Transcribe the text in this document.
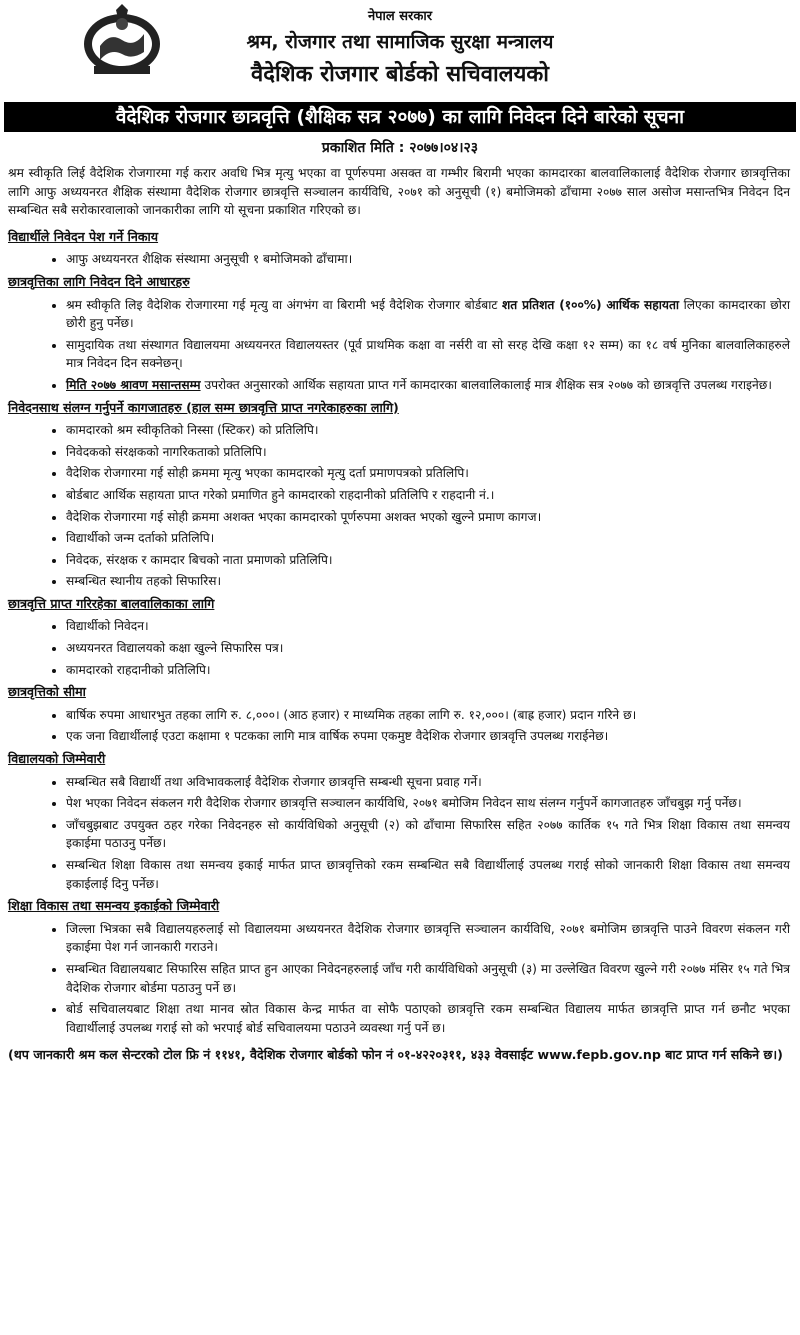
नेपाल सरकार
श्रम, रोजगार तथा सामाजिक सुरक्षा मन्त्रालय
वैदेशिक रोजगार बोर्डको सचिवालयको
वैदेशिक रोजगार छात्रवृत्ति (शैक्षिक सत्र २०७७) का लागि निवेदन दिने बारेको सूचना
प्रकाशित मिति : २०७७।०४।२३

श्रम स्वीकृति लिई वैदेशिक रोजगारमा गई करार अवधि भित्र मृत्यु भएका वा पूर्णरुपमा असक्त वा गम्भीर बिरामी भएका कामदारका बालवालिकालाई वैदेशिक रोजगार छात्रवृत्तिका लागि आफु अध्ययनरत शैक्षिक संस्थामा वैदेशिक रोजगार छात्रवृत्ति सञ्चालन कार्यविधि, २०७१ को अनुसूची (१) बमोजिमको ढाँचामा २०७७ साल असोज मसान्तभित्र निवेदन दिन सम्बन्धित सबै सरोकारवालाको जानकारीका लागि यो सूचना प्रकाशित गरिएको छ।

विद्यार्थीले निवेदन पेश गर्ने निकाय
• आफु अध्ययनरत शैक्षिक संस्थामा अनुसूची १ बमोजिमको ढाँचामा।
छात्रवृत्तिका लागि निवेदन दिने आधारहरु
• श्रम स्वीकृति लिइ वैदेशिक रोजगारमा गई मृत्यु वा अंगभंग वा बिरामी भई वैदेशिक रोजगार बोर्डबाट शत प्रतिशत (१००%) आर्थिक सहायता लिएका कामदारका छोरा छोरी हुनु पर्नेछ।
• सामुदायिक तथा संस्थागत विद्यालयमा अध्ययनरत विद्यालयस्तर (पूर्व प्राथमिक कक्षा वा नर्सरी वा सो सरह देखि कक्षा १२ सम्म) का १८ वर्ष मुनिका बालवालिकाहरुले मात्र निवेदन दिन सक्नेछन्।
• मिति २०७७ श्रावण मसान्तसम्म उपरोक्त अनुसारको आर्थिक सहायता प्राप्त गर्ने कामदारका बालवालिकालाई मात्र शैक्षिक सत्र २०७७ को छात्रवृत्ति उपलब्ध गराइनेछ।
निवेदनसाथ संलग्न गर्नुपर्ने कागजातहरु (हाल सम्म छात्रवृत्ति प्राप्त नगरेकाहरुका लागि)
• कामदारको श्रम स्वीकृतिको निस्सा (स्टिकर) को प्रतिलिपि।
• निवेदकको संरक्षकको नागरिकताको प्रतिलिपि।
• वैदेशिक रोजगारमा गई सोही क्रममा मृत्यु भएका कामदारको मृत्यु दर्ता प्रमाणपत्रको प्रतिलिपि।
• बोर्डबाट आर्थिक सहायता प्राप्त गरेको प्रमाणित हुने कामदारको राहदानीको प्रतिलिपि र राहदानी नं.।
• वैदेशिक रोजगारमा गई सोही क्रममा अशक्त भएका कामदारको पूर्णरुपमा अशक्त भएको खुल्ने प्रमाण कागज।
• विद्यार्थीको जन्म दर्ताको प्रतिलिपि।
• निवेदक, संरक्षक र कामदार बिचको नाता प्रमाणको प्रतिलिपि।
• सम्बन्धित स्थानीय तहको सिफारिस।
छात्रवृत्ति प्राप्त गरिरहेका बालवालिकाका लागि
• विद्यार्थीको निवेदन।
• अध्ययनरत विद्यालयको कक्षा खुल्ने सिफारिस पत्र।
• कामदारको राहदानीको प्रतिलिपि।
छात्रवृत्तिको सीमा
• बार्षिक रुपमा आधारभुत तहका लागि रु. ८,०००। (आठ हजार) र माध्यमिक तहका लागि रु. १२,०००। (बाह्र हजार) प्रदान गरिने छ।
• एक जना विद्यार्थीलाई एउटा कक्षामा १ पटकका लागि मात्र वार्षिक रुपमा एकमुष्ट वैदेशिक रोजगार छात्रवृत्ति उपलब्ध गराईनेछ।
विद्यालयको जिम्मेवारी
• सम्बन्धित सबै विद्यार्थी तथा अविभावकलाई वैदेशिक रोजगार छात्रवृत्ति सम्बन्धी सूचना प्रवाह गर्ने।
• पेश भएका निवेदन संकलन गरी वैदेशिक रोजगार छात्रवृत्ति सञ्चालन कार्यविधि, २०७१ बमोजिम निवेदन साथ संलग्न गर्नुपर्ने कागजातहरु जाँचबुझ गर्नु पर्नेछ।
• जाँचबुझबाट उपयुक्त ठहर गरेका निवेदनहरु सो कार्यविधिको अनुसूची (२) को ढाँचामा सिफारिस सहित २०७७ कार्तिक १५ गते भित्र शिक्षा विकास तथा समन्वय इकाईमा पठाउनु पर्नेछ।
• सम्बन्धित शिक्षा विकास तथा समन्वय इकाई मार्फत प्राप्त छात्रवृत्तिको रकम सम्बन्धित सबै विद्यार्थीलाई उपलब्ध गराई सोको जानकारी शिक्षा विकास तथा समन्वय इकाईलाई दिनु पर्नेछ।
शिक्षा विकास तथा समन्वय इकाईको जिम्मेवारी
• जिल्ला भित्रका सबै विद्यालयहरुलाई सो विद्यालयमा अध्ययनरत वैदेशिक रोजगार छात्रवृत्ति सञ्चालन कार्यविधि, २०७१ बमोजिम छात्रवृत्ति पाउने विवरण संकलन गरी इकाईमा पेश गर्न जानकारी गराउने।
• सम्बन्धित विद्यालयबाट सिफारिस सहित प्राप्त हुन आएका निवेदनहरुलाई जाँच गरी कार्यविधिको अनुसूची (३) मा उल्लेखित विवरण खुल्ने गरी २०७७ मंसिर १५ गते भित्र वैदेशिक रोजगार बोर्डमा पठाउनु पर्ने छ।
• बोर्ड सचिवालयबाट शिक्षा तथा मानव स्रोत विकास केन्द्र मार्फत वा सोफै पठाएको छात्रवृत्ति रकम सम्बन्धित विद्यालय मार्फत छात्रवृत्ति प्राप्त गर्न छनौट भएका विद्यार्थीलाई उपलब्ध गराई सो को भरपाई बोर्ड सचिवालयमा पठाउने व्यवस्था गर्नु पर्ने छ।
(थप जानकारी श्रम कल सेन्टरको टोल फ्रि नं ११४१, वैदेशिक रोजगार बोर्डको फोन नं ०१-४२२०३११, ४३३ वेवसाईट www.fepb.gov.np बाट प्राप्त गर्न सकिने छ।)
